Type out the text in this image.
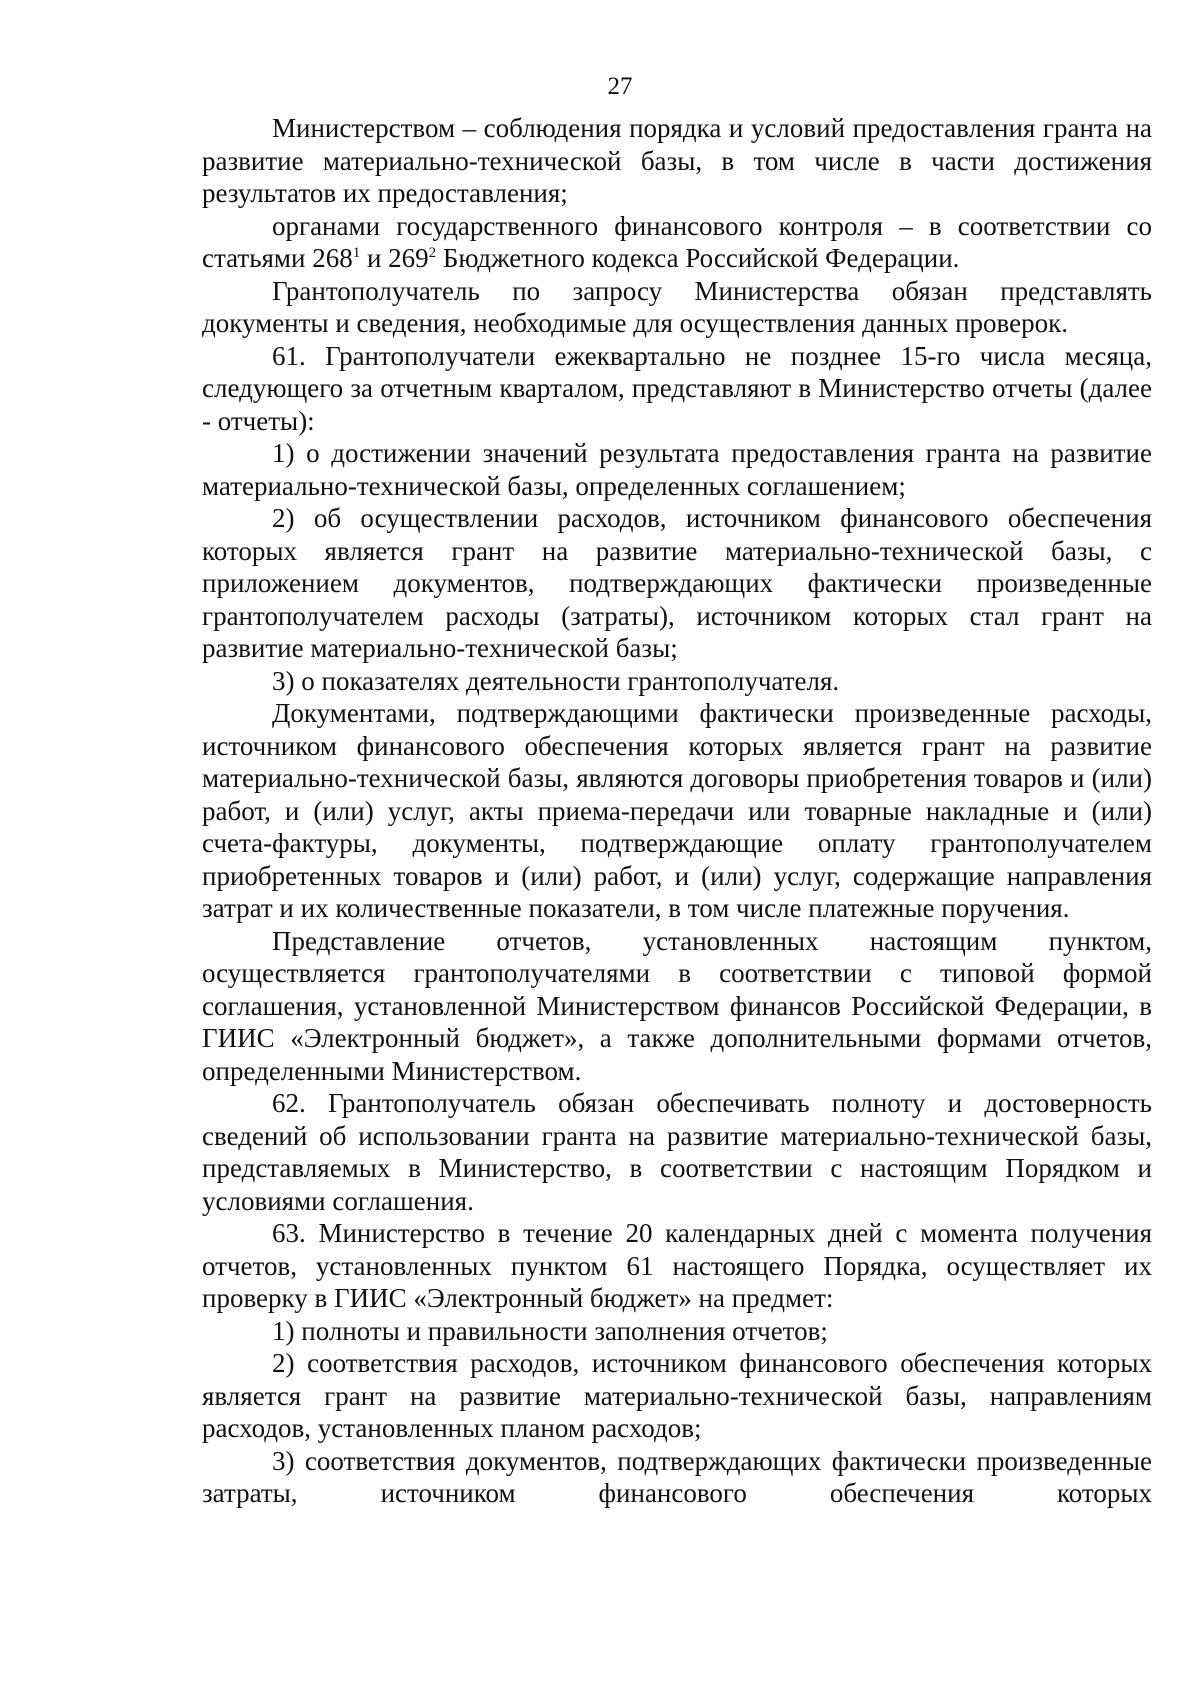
27

Министерством – соблюдения порядка и условий предоставления гранта на развитие материально-технической базы, в том числе в части достижения результатов их предоставления;

органами государственного финансового контроля – в соответствии со статьями $268^1$ и $269^2$ Бюджетного кодекса Российской Федерации.

Грантополучатель по запросу Министерства обязан представлять документы и сведения, необходимые для осуществления данных проверок.

61. Грантополучатели ежеквартально не позднее 15-го числа месяца, следующего за отчетным кварталом, представляют в Министерство отчеты (далее - отчеты):

1) о достижении значений результата предоставления гранта на развитие материально-технической базы, определенных соглашением;

2) об осуществлении расходов, источником финансового обеспечения которых является грант на развитие материально-технической базы, с приложением документов, подтверждающих фактически произведенные грантополучателем расходы (затраты), источником которых стал грант на развитие материально-технической базы;

3) о показателях деятельности грантополучателя.

Документами, подтверждающими фактически произведенные расходы, источником финансового обеспечения которых является грант на развитие материально-технической базы, являются договоры приобретения товаров и (или) работ, и (или) услуг, акты приема-передачи или товарные накладные и (или) счета-фактуры, документы, подтверждающие оплату грантополучателем приобретенных товаров и (или) работ, и (или) услуг, содержащие направления затрат и их количественные показатели, в том числе платежные поручения.

Представление отчетов, установленных настоящим пунктом, осуществляется грантополучателями в соответствии с типовой формой соглашения, установленной Министерством финансов Российской Федерации, в ГИИС «Электронный бюджет», а также дополнительными формами отчетов, определенными Министерством.

62. Грантополучатель обязан обеспечивать полноту и достоверность сведений об использовании гранта на развитие материально-технической базы, представляемых в Министерство, в соответствии с настоящим Порядком и условиями соглашения.

63. Министерство в течение 20 календарных дней с момента получения отчетов, установленных пунктом 61 настоящего Порядка, осуществляет их проверку в ГИИС «Электронный бюджет» на предмет:

1) полноты и правильности заполнения отчетов;

2) соответствия расходов, источником финансового обеспечения которых является грант на развитие материально-технической базы, направлениям расходов, установленных планом расходов;

3) соответствия документов, подтверждающих фактически произведенные затраты, источником финансового обеспечения которых
